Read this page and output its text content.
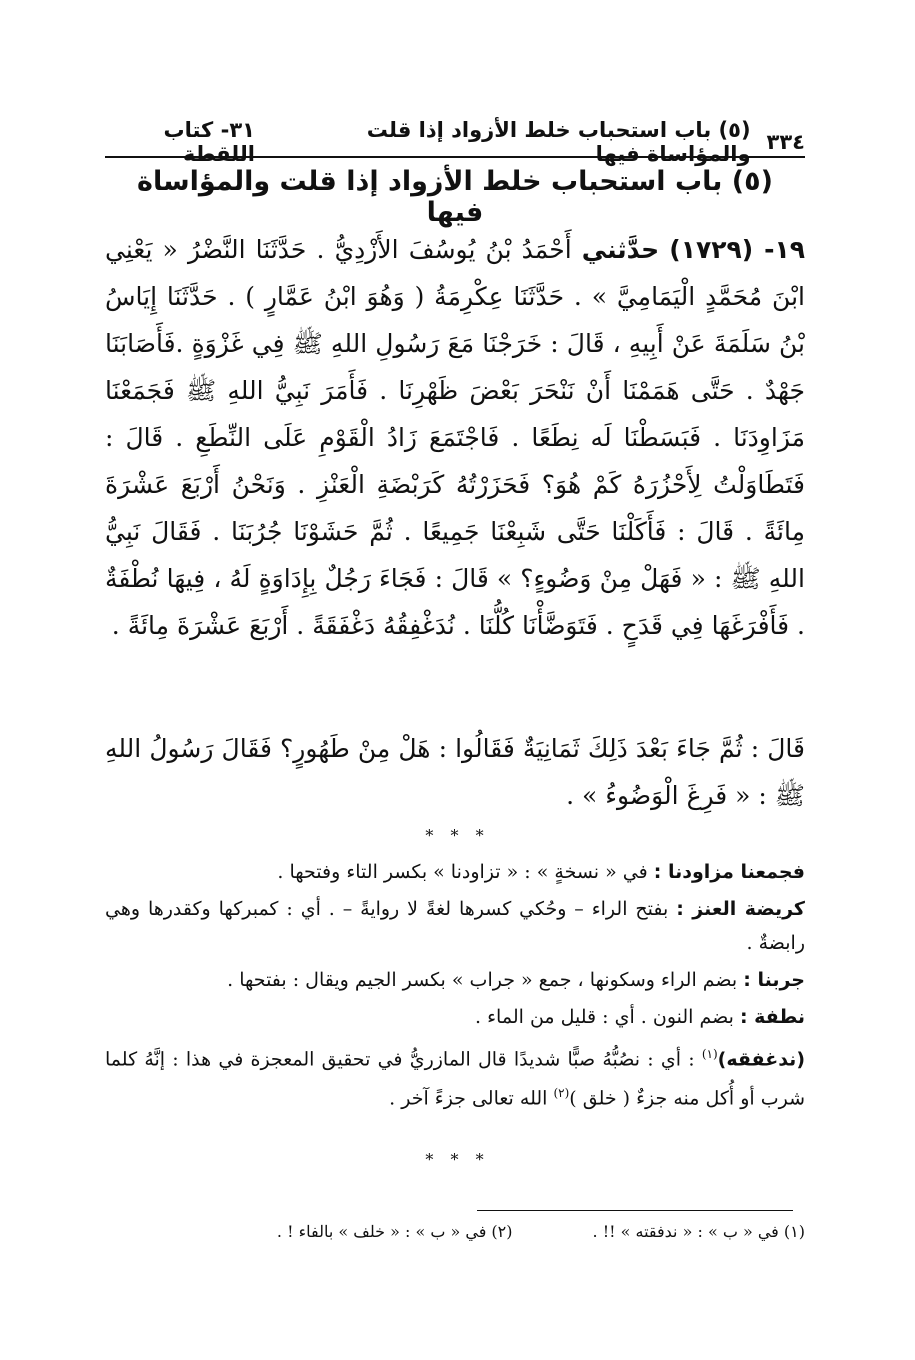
٣٣٤
(٥) باب استحباب خلط الأزواد إذا قلت والمؤاساة فيها
٣١- كتاب اللقطة
(٥) باب استحباب خلط الأزواد إذا قلت والمؤاساة فيها
١٩- (١٧٢٩) حدَّثني أَحْمَدُ بْنُ يُوسُفَ الأَزْدِيُّ . حَدَّثَنَا النَّضْرُ « يَعْنِي ابْنَ مُحَمَّدٍ الْيَمَامِيَّ » . حَدَّثَنَا عِكْرِمَةُ ( وَهُوَ ابْنُ عَمَّارٍ ) . حَدَّثَنَا إِيَاسُ بْنُ سَلَمَةَ عَنْ أَبِيهِ ، قَالَ : خَرَجْنَا مَعَ رَسُولِ اللهِ ﷺ فِي غَزْوَةٍ .فَأَصَابَنَا جَهْدٌ . حَتَّى هَمَمْنَا أَنْ نَنْحَرَ بَعْضَ ظَهْرِنَا . فَأَمَرَ نَبِيُّ اللهِ ﷺ فَجَمَعْنَا مَزَاوِدَنَا . فَبَسَطْنَا لَه نِطَعًا . فَاجْتَمَعَ زَادُ الْقَوْمِ عَلَى النِّطَعِ . قَالَ : فَتَطَاوَلْتُ لِأَحْزُرَهُ كَمْ هُوَ؟ فَحَزَرْتُهُ كَرَبْضَةِ الْعَنْزِ . وَنَحْنُ أَرْبَعَ عَشْرَةَ مِائَةً . قَالَ : فَأَكَلْنَا حَتَّى شَبِعْنَا جَمِيعًا . ثُمَّ حَشَوْنَا جُرُبَنَا . فَقَالَ نَبِيُّ اللهِ ﷺ : « فَهَلْ مِنْ وَضُوءٍ؟ » قَالَ : فَجَاءَ رَجُلٌ بِإِدَاوَةٍ لَهُ ، فِيهَا نُطْفَةٌ . فَأَفْرَغَهَا فِي قَدَحٍ . فَتَوَضَّأْنَا كُلُّنَا . نُدَغْفِقُهُ دَغْفَقَةً . أَرْبَعَ عَشْرَةَ مِائَةً .
قَالَ : ثُمَّ جَاءَ بَعْدَ ذَلِكَ ثَمَانِيَةٌ فَقَالُوا : هَلْ مِنْ طَهُورٍ؟ فَقَالَ رَسُولُ اللهِ ﷺ : « فَرِغَ الْوَضُوءُ » .
* * *
فجمعنا مزاودنا : في « نسخةٍ » : « تزاودنا » بكسر التاء وفتحها .
كريضة العنز : بفتح الراء – وحُكي كسرها لغةً لا روايةً – . أي : كمبركها وكقدرها وهي رابضةٌ .
جربنا : بضم الراء وسكونها ، جمع « جراب » بكسر الجيم ويقال : بفتحها .
نطفة : بضم النون . أي : قليل من الماء .
(ندغفقه)$^{(١)}$ : أي : نصُبُّهُ صبًّا شديدًا قال المازريُّ في تحقيق المعجزة في هذا : إنَّهُ كلما شرب أو أُكل منه جزءٌ ( خلق )$^{(٢)}$ الله تعالى جزءً آخر .
* * *
(١) في « ب » : « ندفقته » !! .
(٢) في « ب » : « خلف » بالفاء ! .
